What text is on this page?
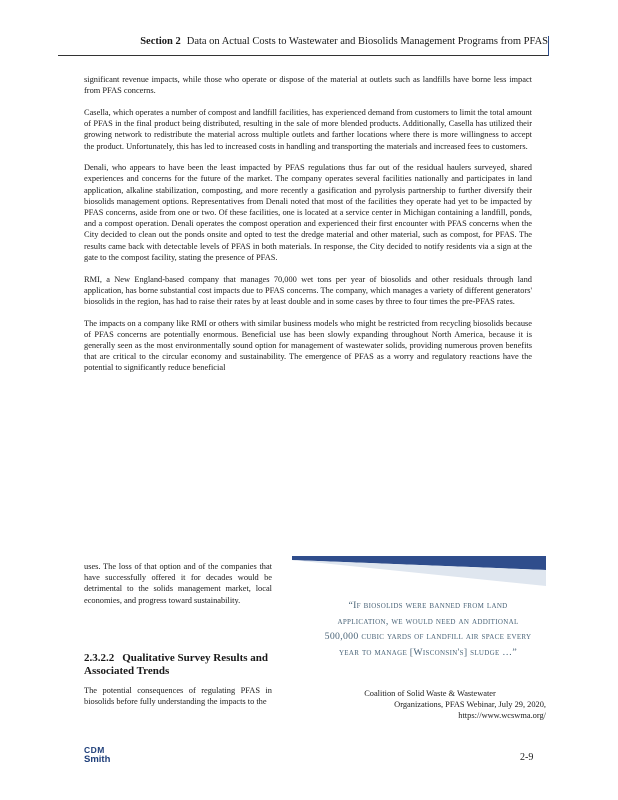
Section 2 Data on Actual Costs to Wastewater and Biosolids Management Programs from PFAS

significant revenue impacts, while those who operate or dispose of the material at outlets such as landfills have borne less impact from PFAS concerns.

Casella, which operates a number of compost and landfill facilities, has experienced demand from customers to limit the total amount of PFAS in the final product being distributed, resulting in the sale of more blended products. Additionally, Casella has utilized their growing network to redistribute the material across multiple outlets and farther locations where there is more willingness to accept the product. Unfortunately, this has led to increased costs in handling and transporting the materials and increased fees to customers.

Denali, who appears to have been the least impacted by PFAS regulations thus far out of the residual haulers surveyed, shared experiences and concerns for the future of the market. The company operates several facilities nationally and participates in land application, alkaline stabilization, composting, and more recently a gasification and pyrolysis partnership to further diversify their biosolids management options. Representatives from Denali noted that most of the facilities they operate had yet to be impacted by PFAS concerns, aside from one or two. Of these facilities, one is located at a service center in Michigan containing a landfill, ponds, and a compost operation. Denali operates the compost operation and experienced their first encounter with PFAS concerns when the City decided to clean out the ponds onsite and opted to test the dredge material and other material, such as compost, for PFAS. The results came back with detectable levels of PFAS in both materials. In response, the City decided to notify residents via a sign at the gate to the compost facility, stating the presence of PFAS.

RMI, a New England-based company that manages 70,000 wet tons per year of biosolids and other residuals through land application, has borne substantial cost impacts due to PFAS concerns. The company, which manages a variety of different generators' biosolids in the region, has had to raise their rates by at least double and in some cases by three to four times the pre-PFAS rates.

The impacts on a company like RMI or others with similar business models who might be restricted from recycling biosolids because of PFAS concerns are potentially enormous. Beneficial use has been slowly expanding throughout North America, because it is generally seen as the most environmentally sound option for management of wastewater solids, providing numerous proven benefits that are critical to the circular economy and sustainability. The emergence of PFAS as a worry and regulatory reactions have the potential to significantly reduce beneficial

uses. The loss of that option and of the companies that have successfully offered it for decades would be detrimental to the solids management market, local economies, and progress toward sustainability.

2.3.2.2 Qualitative Survey Results and Associated Trends

The potential consequences of regulating PFAS in biosolids before fully understanding the impacts to the

“If biosolids were banned from land application, we would need an additional 500,000 cubic yards of landfill air space every year to manage [Wisconsin's] sludge …”
Coalition of Solid Waste & Wastewater
Organizations, PFAS Webinar, July 29, 2020,
https://www.wcswma.org/
CDM
Smith	2-9
